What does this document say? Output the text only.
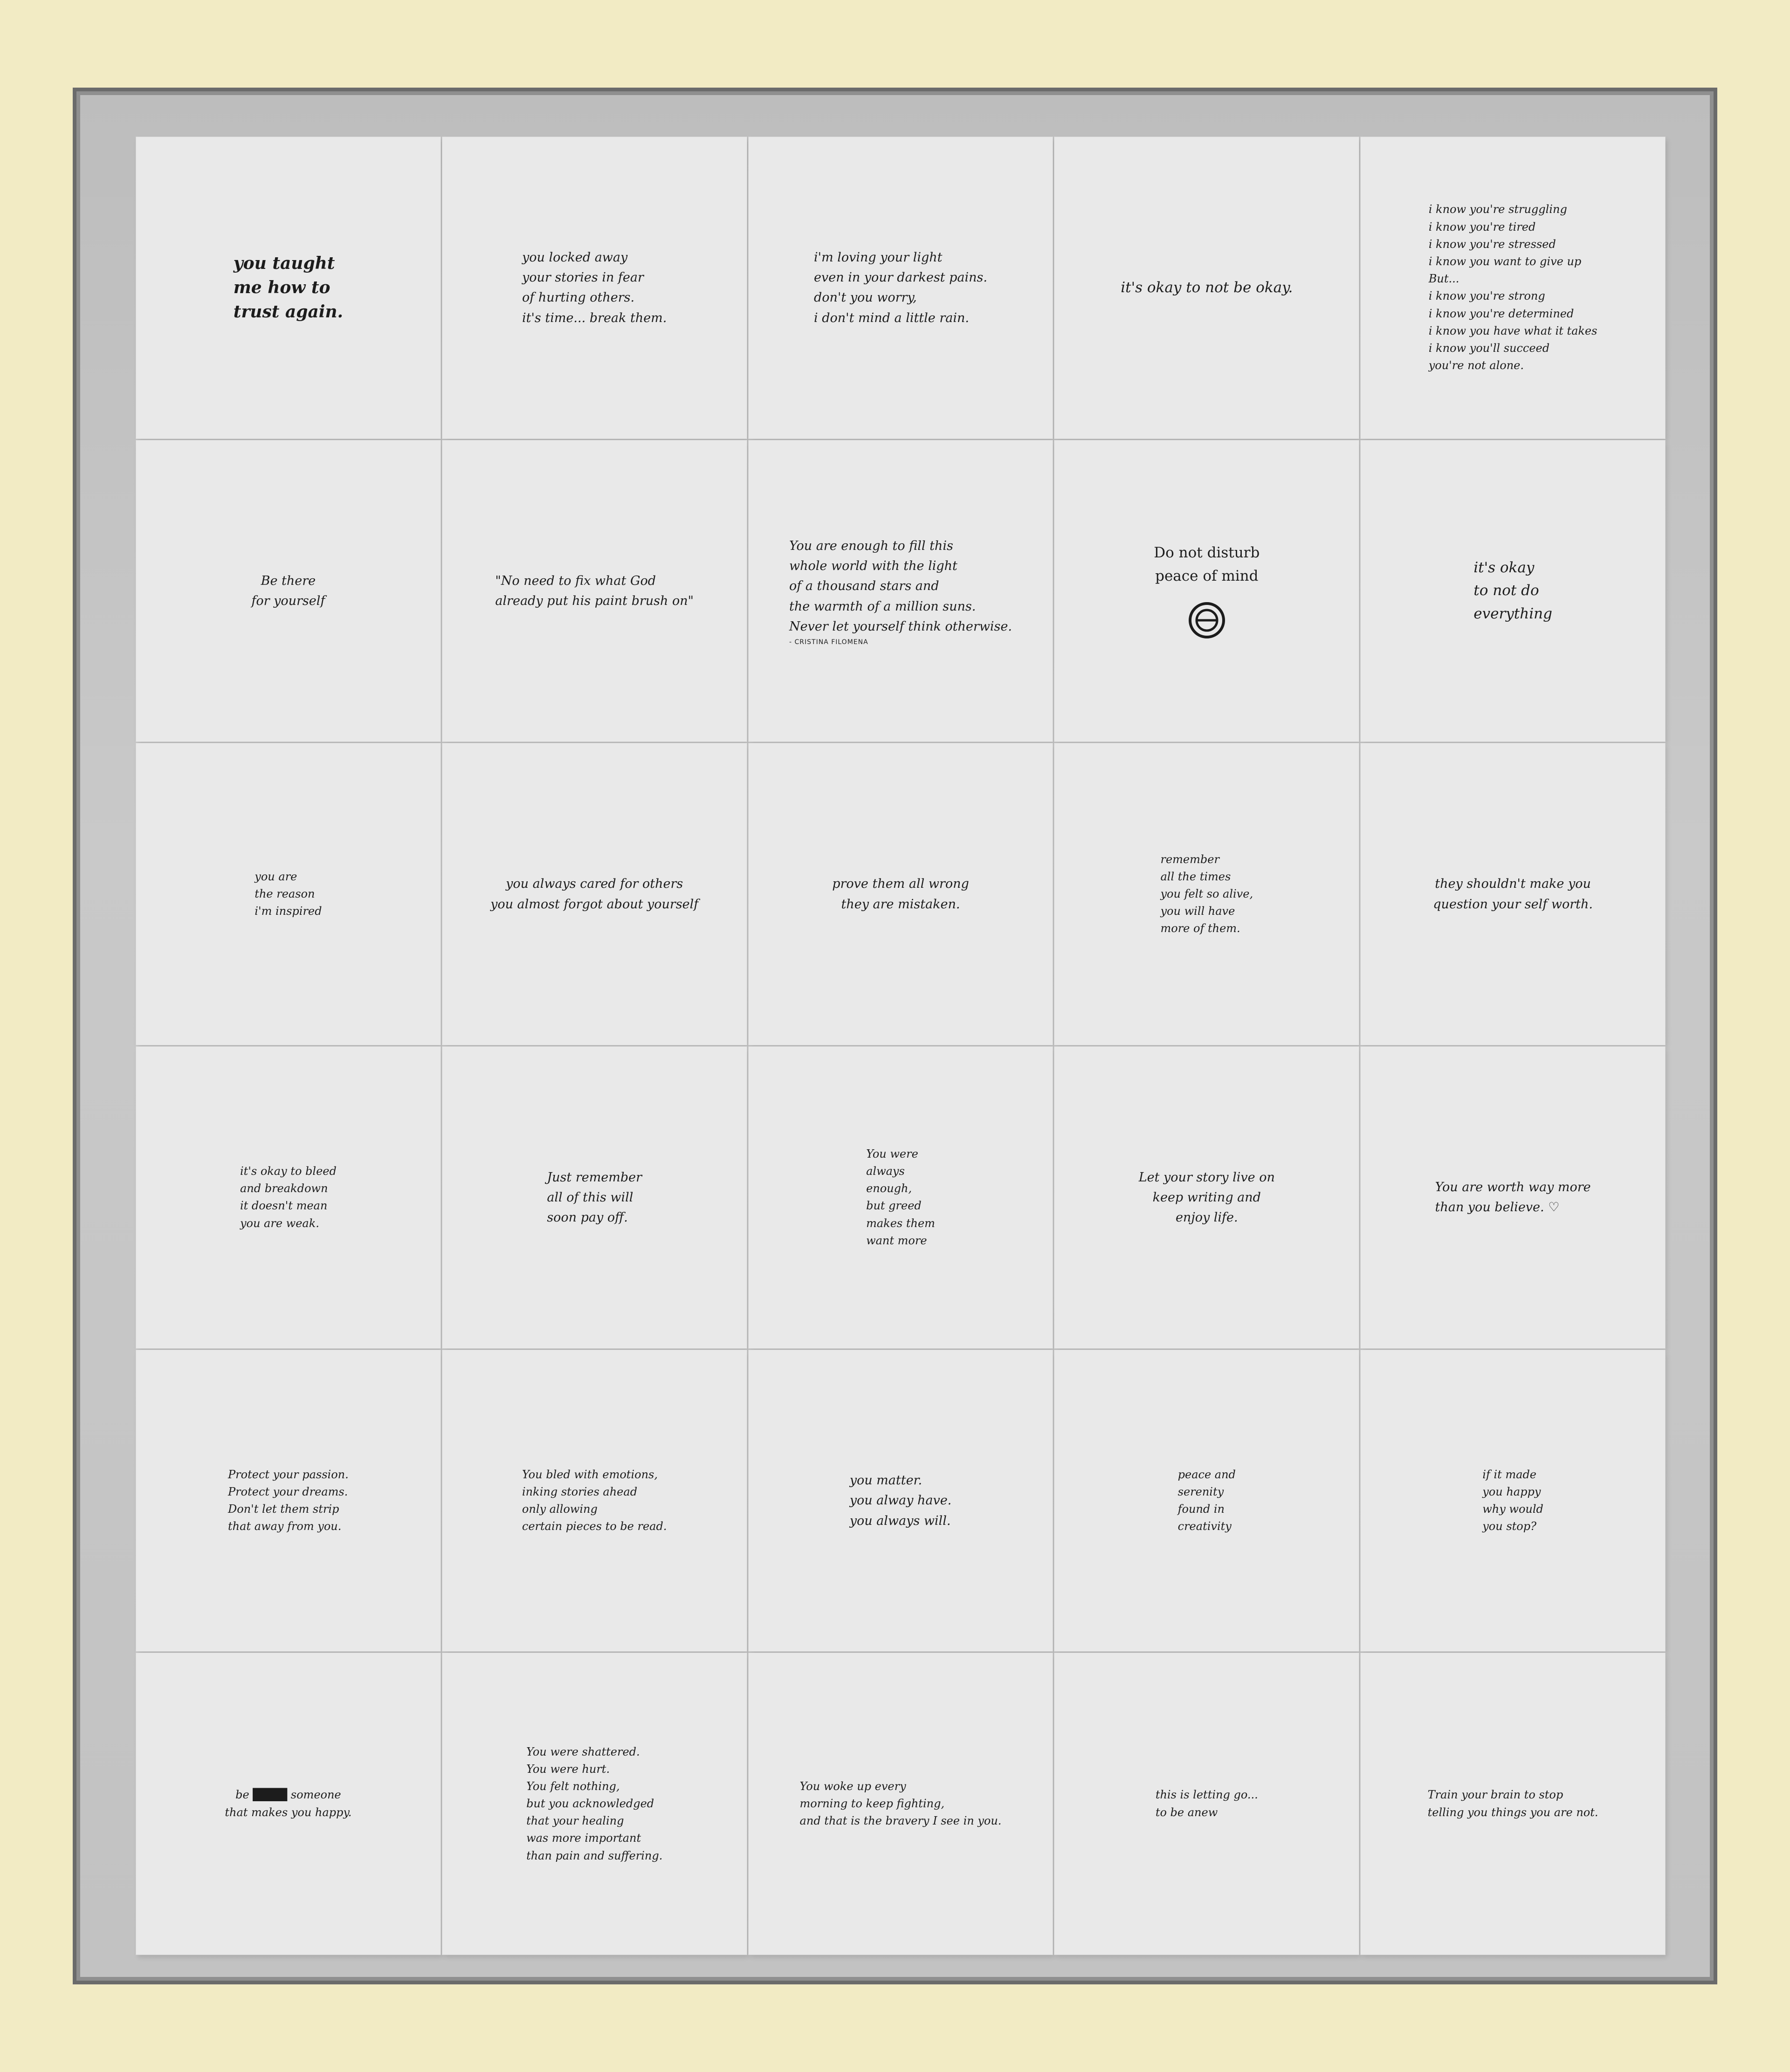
you taught
me how to
trust again.
you locked away
your stories in fear
of hurting others.
it's time... break them.
i'm loving your light
even in your darkest pains.
don't you worry,
i don't mind a little rain.
it's okay to not be okay.
i know you're struggling
i know you're tired
i know you're stressed
i know you want to give up
But...
i know you're strong
i know you're determined
i know you have what it takes
i know you'll succeed
you're not alone.
Be there
for yourself
"No need to fix what God
already put his paint brush on"
You are enough to fill this
whole world with the light
of a thousand stars and
the warmth of a million suns.
Never let yourself think otherwise.
- CRISTINA FILOMENA
Do not disturb
peace of mind
it's okay
to not do
everything
you are
the reason
i'm inspired
you always cared for others
you almost forgot about yourself
prove them all wrong
they are mistaken.
remember
all the times
you felt so alive,
you will have
more of them.
they shouldn't make you
question your self worth.
it's okay to bleed
and breakdown
it doesn't mean
you are weak.
Just remember
all of this will
soon pay off.
You were
always
enough,
but greed
makes them
want more
Let your story live on
keep writing and
enjoy life.
You are worth way more
than you believe. ♡
Protect your passion.
Protect your dreams.
Don't let them strip
that away from you.
You bled with emotions,
inking stories ahead
only allowing
certain pieces to be read.
you matter.
you alway have.
you always will.
peace and
serenity
found in
creativity
if it made
you happy
why would
you stop?
be ████ someone
that makes you happy.
You were shattered.
You were hurt.
You felt nothing,
but you acknowledged
that your healing
was more important
than pain and suffering.
You woke up every
morning to keep fighting,
and that is the bravery I see in you.
this is letting go...
to be anew
Train your brain to stop
telling you things you are not.
